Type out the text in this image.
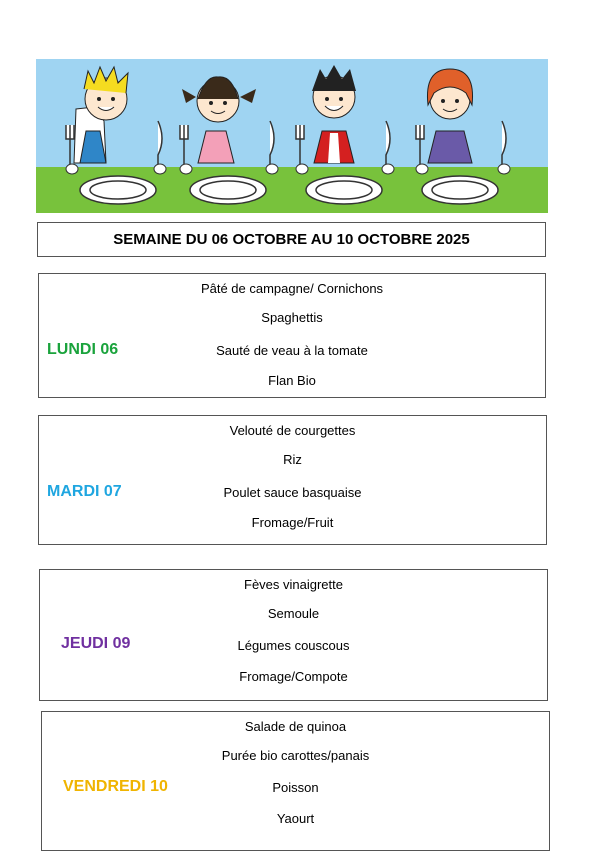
SEMAINE DU 06 OCTOBRE AU 10 OCTOBRE 2025
LUNDI 06
Pâté de campagne/ Cornichons
Spaghettis
Sauté de veau à la tomate
Flan Bio
MARDI 07
Velouté de courgettes
Riz
Poulet sauce basquaise
Fromage/Fruit
JEUDI 09
Fèves vinaigrette
Semoule
Légumes couscous
Fromage/Compote
VENDREDI 10
Salade de quinoa
Purée bio carottes/panais
Poisson
Yaourt
